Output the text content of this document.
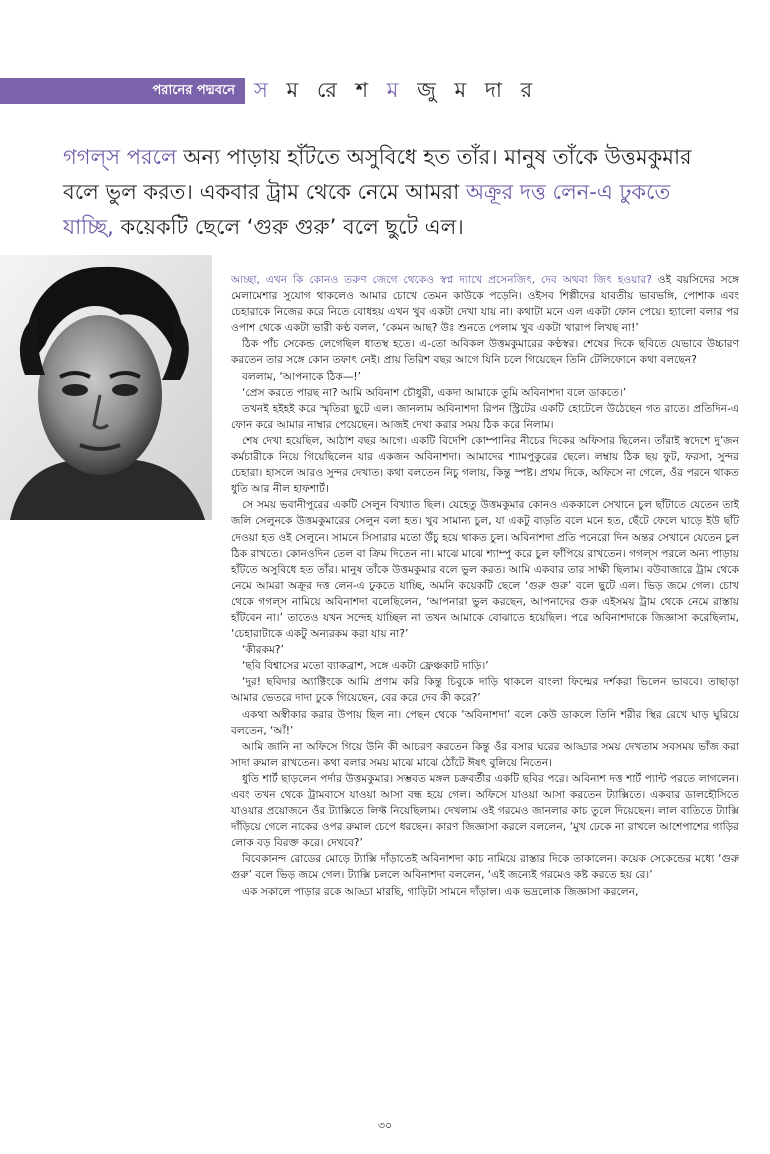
পরানের পদ্মবনে স ম রে শ ম জু ম দা র
গগল্‌স পরলে অন্য পাড়ায় হাঁটতে অসুবিধে হত তাঁর। মানুষ তাঁকে উত্তমকুমার বলে ভুল করত। একবার ট্রাম থেকে নেমে আমরা অক্রূর দত্ত লেন-এ ঢুকতে যাচ্ছি, কয়েকটি ছেলে ‘গুরু গুরু’ বলে ছুটে এল।

আচ্ছা, এখন কি কোনও তরুণ জেগে থেকেও স্বপ্ন দ্যাখে প্রসেনজিৎ, দেব অথবা জিৎ হওয়ার? ওই বয়সিদের সঙ্গে মেলামেশার সুযোগ থাকলেও আমার চোখে তেমন কাউকে পড়েনি। ওইসব শিল্পীদের যাবতীয় ভাবভঙ্গি, পোশাক এবং চেহারাকে নিজের করে নিতে বোধহয় এখন খুব একটা দেখা যায় না। কথাটা মনে এল একটা ফোন পেয়ে। হ্যালো বলার পর ওপাশ থেকে একটা ভারী কণ্ঠ বলল, ‘কেমন আছ? উঃ শুনতে পেলাম খুব একটা খারাপ লিখছ না!’

ঠিক পাঁচ সেকেন্ড লেগেছিল ধাতস্থ হতে। এ-তো অবিকল উত্তমকুমারের কণ্ঠস্বর। শেষের দিকে ছবিতে যেভাবে উচ্চারণ করতেন তার সঙ্গে কোন তফাৎ নেই। প্রায় তিরিশ বছর আগে যিনি চলে গিয়েছেন তিনি টেলিফোনে কথা বলছেন?

বললাম, ‘আপনাকে ঠিক—!’

‘প্রেস করতে পারছ না? আমি অবিনাশ চৌধুরী, একদা আমাকে তুমি অবিনাশদা বলে ডাকতে।’

তখনই হইহই করে স্মৃতিরা ছুটে এল। জানলাম অবিনাশদা রিপন স্ট্রিটের একটি হোটেলে উঠেছেন গত রাতে। প্রতিদিন-এ ফোন করে আমার নাম্বার পেয়েছেন। আজই দেখা করার সময় ঠিক করে নিলাম।

শেষ দেখা হয়েছিল, আঠাশ বছর আগে। একটি বিদেশি কোম্পানির নীচের দিকের অফিসার ছিলেন। তাঁরাই স্বদেশে দু’জন কর্মচারীকে নিয়ে গিয়েছিলেন যার একজন অবিনাশদা। আমাদের শ্যামপুকুরের ছেলে। লম্বায় ঠিক ছয় ফুট, ফরসা, সুন্দর চেহারা। হাসলে আরও সুন্দর দেখাত। কথা বলতেন নিচু গলায়, কিন্তু স্পষ্ট। প্রথম দিকে, অফিসে না গেলে, ওঁর পরনে থাকত ধুতি আর নীল হাফশার্ট।

সে সময় ভবানীপুরের একটি সেলুন বিখ্যাত ছিল। যেহেতু উত্তমকুমার কোনও এককালে সেখানে চুল ছাঁটাতে যেতেন তাই জলি সেলুনকে উত্তমকুমারের সেলুন বলা হত। খুব সামান্য চুল, যা একটু বাড়তি বলে মনে হত, ছেঁটে ফেলে ঘাড়ে ইউ ছাঁট দেওয়া হত ওই সেলুনে। সামনে সিসারার মতো উঁচু হয়ে থাকত চুল। অবিনাশদা প্রতি পনেরো দিন অন্তর সেখানে যেতেন চুল ঠিক রাখতে। কোনওদিন তেল বা ক্রিম দিতেন না। মাঝে মাঝে শ্যাম্পু করে চুল ফাঁপিয়ে রাখতেন। গগল্‌স পরলে অন্য পাড়ায় হাঁটতে অসুবিধে হত তাঁর। মানুষ তাঁকে উত্তমকুমার বলে ভুল করত। আমি একবার তার সাক্ষী ছিলাম। বউবাজারে ট্রাম থেকে নেমে আমরা অক্রূর দত্ত লেন-এ ঢুকতে যাচ্ছি, অমনি কয়েকটি ছেলে ‘গুরু গুরু’ বলে ছুটে এল। ভিড় জমে গেল। চোখ থেকে গগল্‌স নামিয়ে অবিনাশদা বলেছিলেন, ‘আপনারা ভুল করছেন, আপনাদের গুরু এইসময় ট্রাম থেকে নেমে রাস্তায় হাঁটবেন না।’ তাতেও যখন সন্দেহ যাচ্ছিল না তখন আমাকে বোঝাতে হয়েছিল। পরে অবিনাশদাকে জিজ্ঞাসা করেছিলাম, ‘চেহারাটাকে একটু অন্যরকম করা যায় না?’

‘কীরকম?’

‘ছবি বিশ্বাসের মতো ব্যাকব্রাশ, সঙ্গে একটা ফ্রেঞ্চকাট দাড়ি।’

‘দুর! ছবিদার অ্যাক্টিংকে আমি প্রণাম করি কিন্তু চিবুকে দাড়ি থাকলে বাংলা ফিল্মের দর্শকরা ভিলেন ভাববে। তাছাড়া আমার ভেতরে দাদা ঢুকে গিয়েছেন, বের করে দেব কী করে?’

একথা অস্বীকার করার উপায় ছিল না। পেছন থেকে ‘অবিনাশদা’ বলে কেউ ডাকলে তিনি শরীর স্থির রেখে ঘাড় ঘুরিয়ে বলতেন, ‘আঁ!’

আমি জানি না অফিসে গিয়ে উনি কী আচরণ করতেন কিন্তু ওঁর বসার ঘরের আড্ডার সময় দেখতাম সবসময় ভাঁজ করা সাদা রুমাল রাখতেন। কথা বলার সময় মাঝে মাঝে ঠোঁটে ঈষৎ বুলিয়ে নিতেন।

ধুতি শার্ট ছাড়লেন পর্দার উত্তমকুমার। সম্ভবত মঙ্গল চক্রবর্তীর একটি ছবির পরে। অবিনাশ দত্ত শার্ট প্যান্ট পরতে লাগলেন। এবং তখন থেকে ট্রামবাসে যাওয়া আসা বন্ধ হয়ে গেল। অফিসে যাওয়া আসা করতেন ট্যাক্সিতে। একবার ডালহৌসিতে যাওয়ার প্রয়োজনে ওঁর ট্যাক্সিতে লিফ্ট নিয়েছিলাম। দেখলাম ওই গরমেও জানলার কাচ তুলে দিয়েছেন। লাল বাতিতে ট্যাক্সি দাঁড়িয়ে গেলে নাকের ওপর রুমাল চেপে ধরছেন। কারণ জিজ্ঞাসা করলে বললেন, ‘মুখ ঢেকে না রাখলে আশেপাশের গাড়ির লোক বড় বিরক্ত করে। দেখবে?’

বিবেকানন্দ রোডের মোড়ে ট্যাক্সি দাঁড়াতেই অবিনাশদা কাচ নামিয়ে রাস্তার দিকে তাকালেন। কয়েক সেকেন্ডের মধ্যে ‘গুরু গুরু’ বলে ভিড় জমে গেল। ট্যাক্সি চললে অবিনাশদা বললেন, ‘এই জন্যেই গরমেও কষ্ট করতে হয় রে।’

এক সকালে পাড়ার রকে আড্ডা মারছি, গাড়িটা সামনে দাঁড়াল। এক ভদ্রলোক জিজ্ঞাসা করলেন,

৩০
